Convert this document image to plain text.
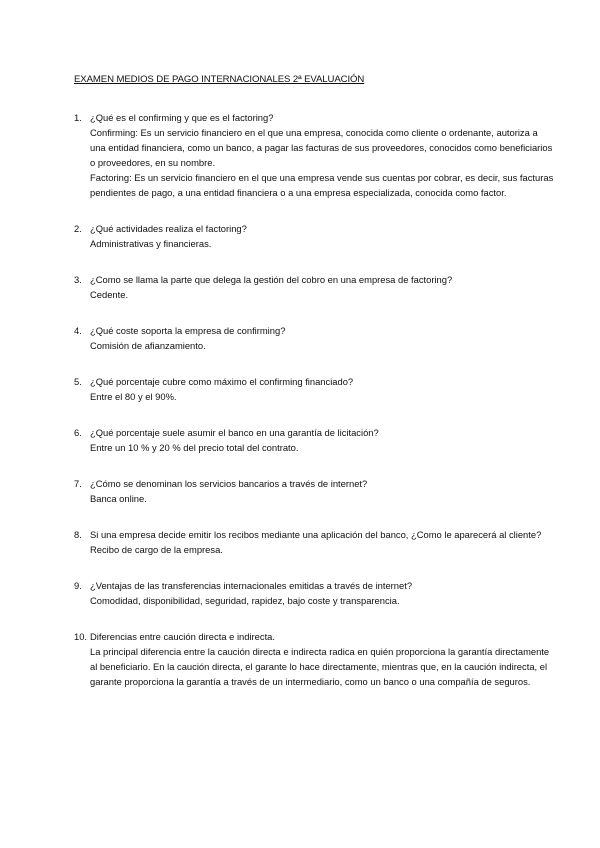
EXAMEN MEDIOS DE PAGO INTERNACIONALES 2ª EVALUACIÓN
1. ¿Qué es el confirming y que es el factoring?
Confirming: Es un servicio financiero en el que una empresa, conocida como cliente o ordenante, autoriza a una entidad financiera, como un banco, a pagar las facturas de sus proveedores, conocidos como beneficiarios o proveedores, en su nombre.
Factoring: Es un servicio financiero en el que una empresa vende sus cuentas por cobrar, es decir, sus facturas pendientes de pago, a una entidad financiera o a una empresa especializada, conocida como factor.
2. ¿Qué actividades realiza el factoring?
Administrativas y financieras.
3. ¿Como se llama la parte que delega la gestión del cobro en una empresa de factoring?
Cedente.
4. ¿Qué coste soporta la empresa de confirming?
Comisión de afianzamiento.
5. ¿Qué porcentaje cubre como máximo el confirming financiado?
Entre el 80 y el 90%.
6. ¿Qué porcentaje suele asumir el banco en una garantía de licitación?
Entre un 10 % y 20 % del precio total del contrato.
7. ¿Cómo se denominan los servicios bancarios a través de internet?
Banca online.
8. Si una empresa decide emitir los recibos mediante una aplicación del banco, ¿Como le aparecerá al cliente?
Recibo de cargo de la empresa.
9. ¿Ventajas de las transferencias internacionales emitidas a través de internet?
Comodidad, disponibilidad, seguridad, rapidez, bajo coste y transparencia.
10. Diferencias entre caución directa e indirecta.
La principal diferencia entre la caución directa e indirecta radica en quién proporciona la garantía directamente al beneficiario. En la caución directa, el garante lo hace directamente, mientras que, en la caución indirecta, el garante proporciona la garantía a través de un intermediario, como un banco o una compañía de seguros.
